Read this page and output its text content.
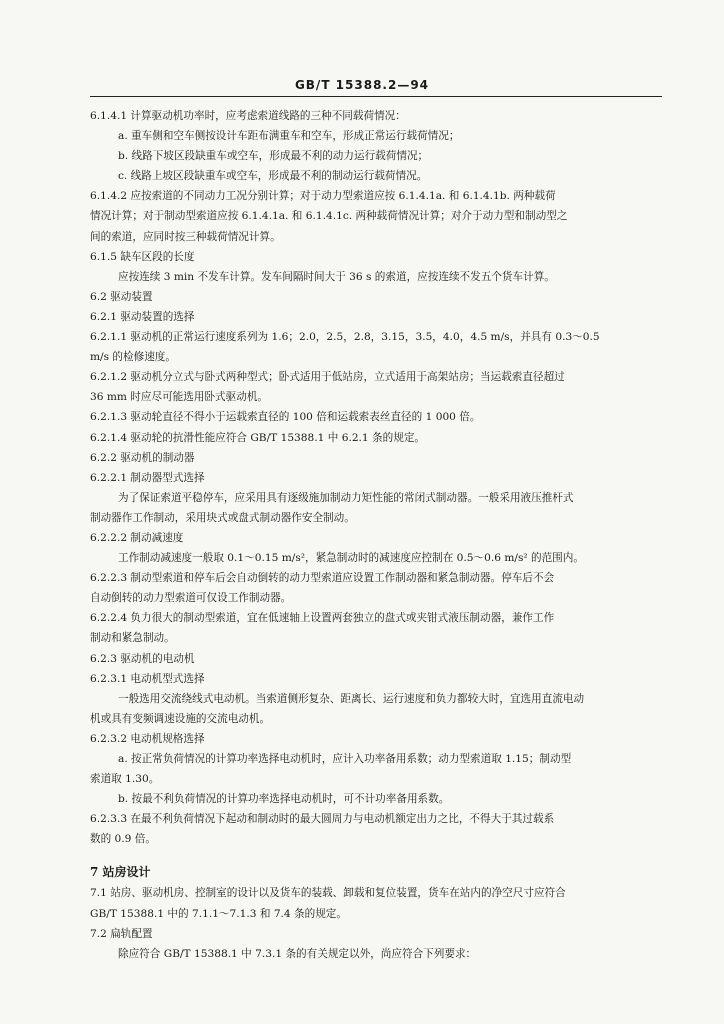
GB/T 15388.2—94

6.1.4.1 计算驱动机功率时，应考虑索道线路的三种不同载荷情况：

a. 重车侧和空车侧按设计车距布满重车和空车，形成正常运行载荷情况；

b. 线路下坡区段缺重车或空车，形成最不利的动力运行载荷情况；

c. 线路上坡区段缺重车或空车，形成最不利的制动运行载荷情况。

6.1.4.2 应按索道的不同动力工况分别计算；对于动力型索道应按 6.1.4.1a. 和 6.1.4.1b. 两种载荷

情况计算；对于制动型索道应按 6.1.4.1a. 和 6.1.4.1c. 两种载荷情况计算；对介于动力型和制动型之

间的索道，应同时按三种载荷情况计算。

6.1.5 缺车区段的长度

应按连续 3 min 不发车计算。发车间隔时间大于 36 s 的索道，应按连续不发五个货车计算。

6.2 驱动装置

6.2.1 驱动装置的选择

6.2.1.1 驱动机的正常运行速度系列为 1.6；2.0，2.5，2.8，3.15，3.5，4.0，4.5 m/s，并具有 0.3～0.5

m/s 的检修速度。

6.2.1.2 驱动机分立式与卧式两种型式；卧式适用于低站房，立式适用于高架站房；当运载索直径超过

36 mm 时应尽可能选用卧式驱动机。

6.2.1.3 驱动轮直径不得小于运载索直径的 100 倍和运载索表丝直径的 1 000 倍。

6.2.1.4 驱动轮的抗滑性能应符合 GB/T 15388.1 中 6.2.1 条的规定。

6.2.2 驱动机的制动器

6.2.2.1 制动器型式选择

为了保证索道平稳停车，应采用具有逐级施加制动力矩性能的常闭式制动器。一般采用液压推杆式

制动器作工作制动，采用块式或盘式制动器作安全制动。

6.2.2.2 制动减速度

工作制动减速度一般取 0.1～0.15 m/s²，紧急制动时的减速度应控制在 0.5～0.6 m/s² 的范围内。

6.2.2.3 制动型索道和停车后会自动倒转的动力型索道应设置工作制动器和紧急制动器。停车后不会

自动倒转的动力型索道可仅设工作制动器。

6.2.2.4 负力很大的制动型索道，宜在低速轴上设置两套独立的盘式或夹钳式液压制动器，兼作工作

制动和紧急制动。

6.2.3 驱动机的电动机

6.2.3.1 电动机型式选择

一般选用交流绕线式电动机。当索道侧形复杂、距离长、运行速度和负力都较大时，宜选用直流电动

机或具有变频调速设施的交流电动机。

6.2.3.2 电动机规格选择

a. 按正常负荷情况的计算功率选择电动机时，应计入功率备用系数；动力型索道取 1.15；制动型

索道取 1.30。

b. 按最不利负荷情况的计算功率选择电动机时，可不计功率备用系数。

6.2.3.3 在最不利负荷情况下起动和制动时的最大圆周力与电动机额定出力之比，不得大于其过载系

数的 0.9 倍。

7 站房设计

7.1 站房、驱动机房、控制室的设计以及货车的装载、卸载和复位装置，货车在站内的净空尺寸应符合

GB/T 15388.1 中的 7.1.1～7.1.3 和 7.4 条的规定。

7.2 扁轨配置

除应符合 GB/T 15388.1 中 7.3.1 条的有关规定以外，尚应符合下列要求：
